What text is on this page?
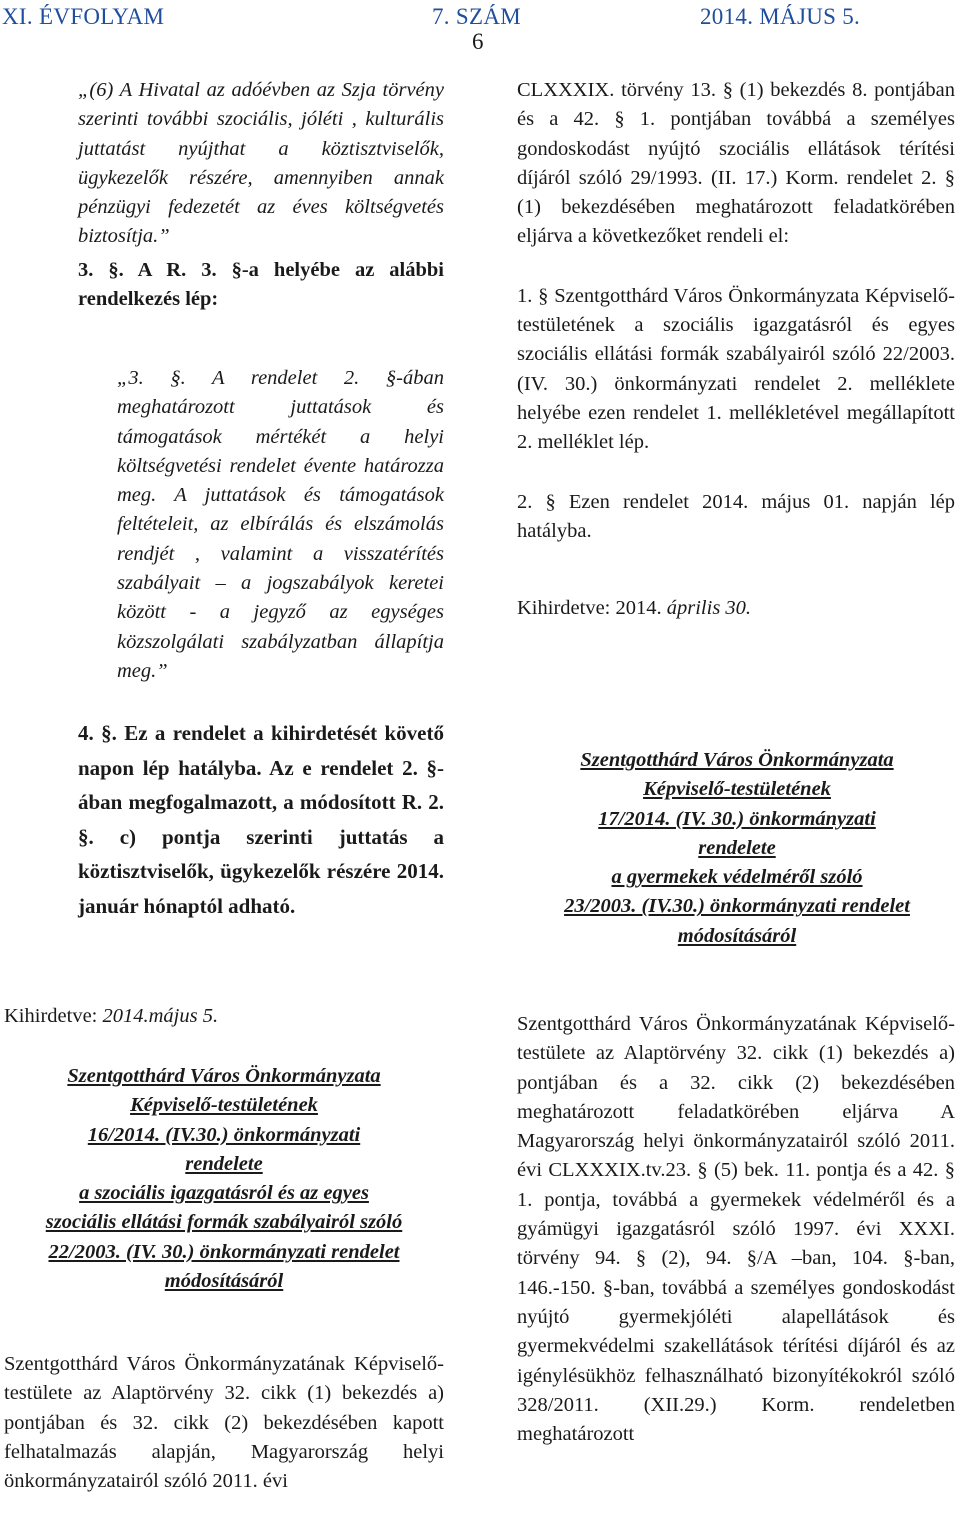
XI. ÉVFOLYAM	7. SZÁM	2014. MÁJUS 5.
6

„(6) A Hivatal az adóévben az Szja törvény szerinti további szociális, jóléti , kulturális juttatást nyújthat a köztisztviselők, ügykezelők részére, amennyiben annak pénzügyi fedezetét az éves költségvetés biztosítja.”

3. §. A R. 3. §-a helyébe az alábbi rendelkezés lép:

„3. §. A rendelet 2. §-ában meghatározott juttatások és támogatások mértékét a helyi költségvetési rendelet évente határozza meg. A juttatások és támogatások feltételeit, az elbírálás és elszámolás rendjét , valamint a visszatérítés szabályait – a jogszabályok keretei között - a jegyző az egységes közszolgálati szabályzatban állapítja meg.”

4. §. Ez a rendelet a kihirdetését követő napon lép hatályba. Az e rendelet 2. §-ában megfogalmazott, a módosított R. 2. §. c) pontja szerinti juttatás a köztisztviselők, ügykezelők részére 2014. január hónaptól adható.

Kihirdetve: 2014.május 5.
Szentgotthárd Város Önkormányzata
Képviselő-testületének
16/2014. (IV.30.) önkormányzati
rendelete
a szociális igazgatásról és az egyes
szociális ellátási formák szabályairól szóló
22/2003. (IV. 30.) önkormányzati rendelet
módosításáról

Szentgotthárd Város Önkormányzatának Képviselő-testülete az Alaptörvény 32. cikk (1) bekezdés a) pontjában és 32. cikk (2) bekezdésében kapott felhatalmazás alapján, Magyarország helyi önkormányzatairól szóló 2011. évi

CLXXXIX. törvény 13. § (1) bekezdés 8. pontjában és a 42. § 1. pontjában továbbá a személyes gondoskodást nyújtó szociális ellátások térítési díjáról szóló 29/1993. (II. 17.) Korm. rendelet 2. § (1) bekezdésében meghatározott feladatkörében eljárva a következőket rendeli el:

1. § Szentgotthárd Város Önkormányzata Képviselő-testületének a szociális igazgatásról és egyes szociális ellátási formák szabályairól szóló 22/2003. (IV. 30.) önkormányzati rendelet 2. melléklete helyébe ezen rendelet 1. mellékletével megállapított 2. melléklet lép.

2. § Ezen rendelet 2014. május 01. napján lép hatályba.

Kihirdetve: 2014. április 30.

Szentgotthárd Város Önkormányzata
Képviselő-testületének
17/2014. (IV. 30.) önkormányzati
rendelete
a gyermekek védelméről szóló
23/2003. (IV.30.) önkormányzati rendelet
módosításáról

Szentgotthárd Város Önkormányzatának Képviselő-testülete az Alaptörvény 32. cikk (1) bekezdés a) pontjában és a 32. cikk (2) bekezdésében meghatározott feladatkörében eljárva A Magyarország helyi önkormányzatairól szóló 2011. évi CLXXXIX.tv.23. § (5) bek. 11. pontja és a 42. § 1. pontja, továbbá a gyermekek védelméről és a gyámügyi igazgatásról szóló 1997. évi XXXI. törvény 94. § (2), 94. §/A –ban, 104. §-ban, 146.-150. §-ban, továbbá a személyes gondoskodást nyújtó gyermekjóléti alapellátások és gyermekvédelmi szakellátások térítési díjáról és az igénylésükhöz felhasználható bizonyítékokról szóló 328/2011. (XII.29.) Korm. rendeletben meghatározott
